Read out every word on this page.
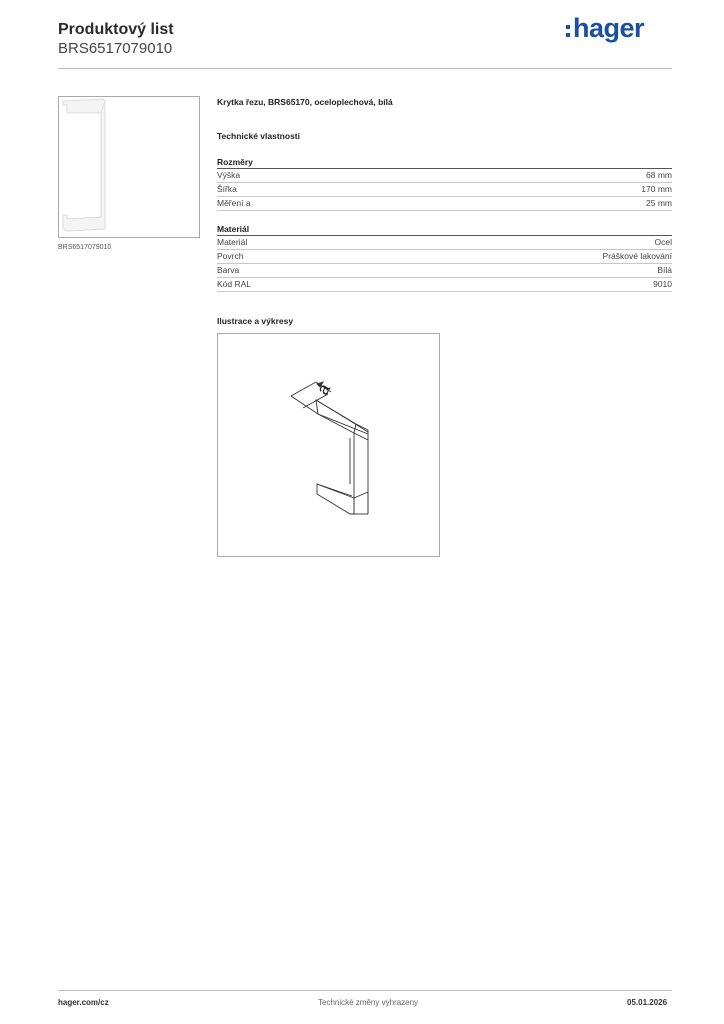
Produktový list
BRS6517079010
hager
BRS6517079010
Krytka řezu, BRS65170, oceloplechová, bílá
Technické vlastnosti
Rozměry
Výška	68 mm
Šířka	170 mm
Měření a	25 mm
Materiál
Materiál	Ocel
Povrch	Práškové lakování
Barva	Bílá
Kód RAL	9010
Ilustrace a výkresy
a
hager.com/cz	Technické změny vyhrazeny	05.01.2026
